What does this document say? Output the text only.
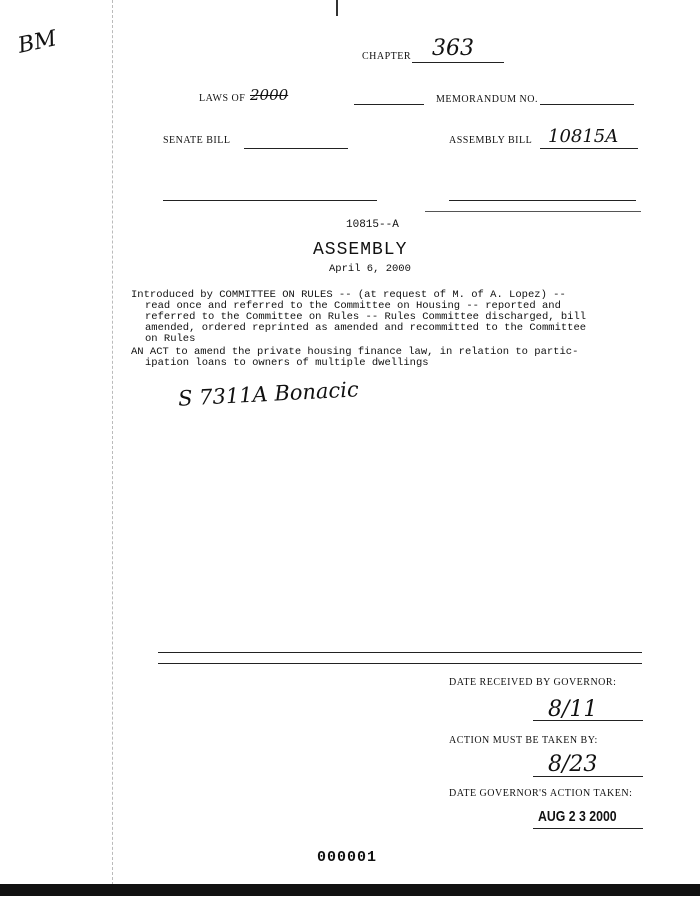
BM	CHAPTER 363
LAWS OF 2000	MEMORANDUM NO.
SENATE BILL	ASSEMBLY BILL 10815A
10815--A
ASSEMBLY
April 6, 2000
Introduced by COMMITTEE ON RULES -- (at request of M. of A. Lopez) --
read once and referred to the Committee on Housing -- reported and
referred to the Committee on Rules -- Rules Committee discharged, bill
amended, ordered reprinted as amended and recommitted to the Committee
on Rules
AN ACT to amend the private housing finance law, in relation to partic-
ipation loans to owners of multiple dwellings
S 7311A Bonacic
DATE RECEIVED BY GOVERNOR:
8/11
ACTION MUST BE TAKEN BY:
8/23
DATE GOVERNOR'S ACTION TAKEN:
AUG 2 3 2000
000001
